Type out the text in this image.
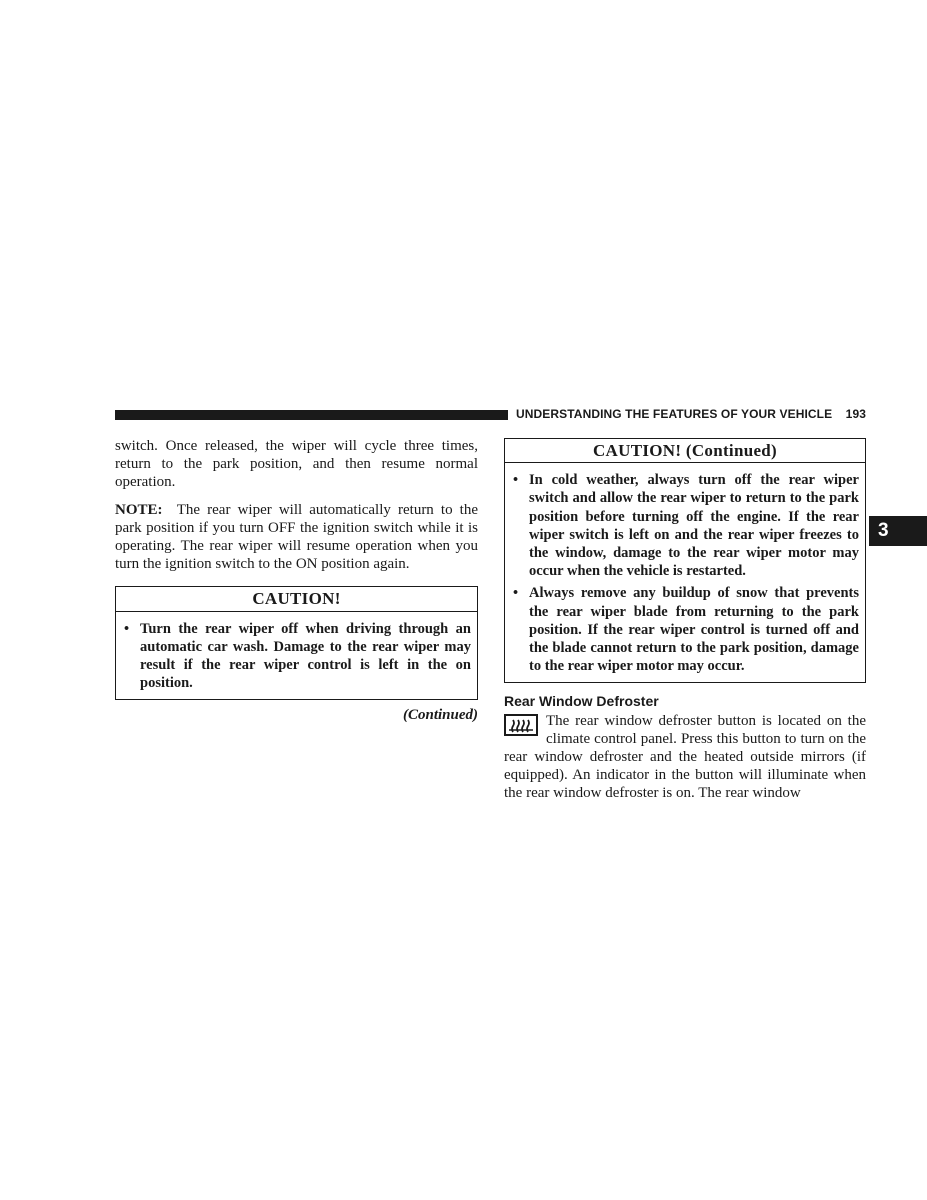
UNDERSTANDING THE FEATURES OF YOUR VEHICLE 193
3

switch. Once released, the wiper will cycle three times, return to the park position, and then resume normal operation.

NOTE: The rear wiper will automatically return to the park position if you turn OFF the ignition switch while it is operating. The rear wiper will resume operation when you turn the ignition switch to the ON position again.

CAUTION!
• Turn the rear wiper off when driving through an automatic car wash. Damage to the rear wiper may result if the rear wiper control is left in the on position.
(Continued)
CAUTION! (Continued)
• In cold weather, always turn off the rear wiper switch and allow the rear wiper to return to the park position before turning off the engine. If the rear wiper switch is left on and the rear wiper freezes to the window, damage to the rear wiper motor may occur when the vehicle is restarted.
• Always remove any buildup of snow that prevents the rear wiper blade from returning to the park position. If the rear wiper control is turned off and the blade cannot return to the park position, damage to the rear wiper motor may occur.
Rear Window Defroster

The rear window defroster button is located on the climate control panel. Press this button to turn on the rear window defroster and the heated outside mirrors (if equipped). An indicator in the button will illuminate when the rear window defroster is on. The rear window
